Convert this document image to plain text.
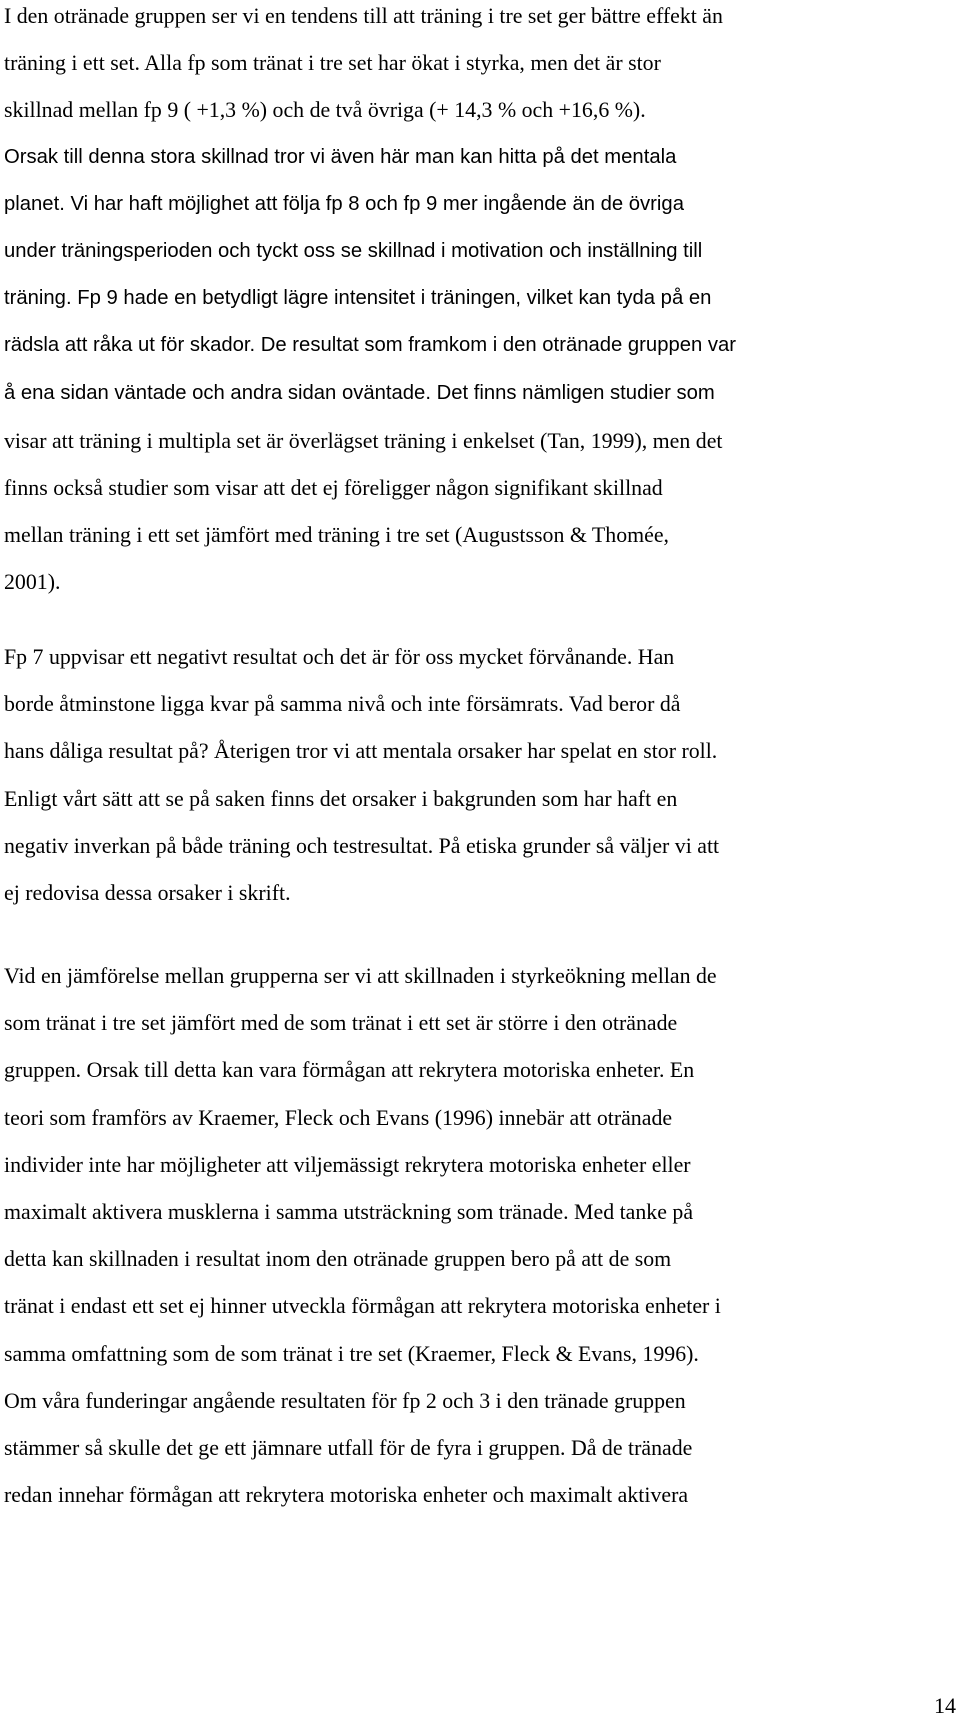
I den otränade gruppen ser vi en tendens till att träning i tre set ger bättre effekt än
träning i ett set. Alla fp som tränat i tre set har ökat i styrka, men det är stor
skillnad mellan fp 9 ( +1,3 %) och de två övriga (+ 14,3 % och +16,6 %).
Orsak till denna stora skillnad tror vi även här man kan hitta på det mentala
planet. Vi har haft möjlighet att följa fp 8 och fp 9 mer ingående än de övriga
under träningsperioden och tyckt oss se skillnad i motivation och inställning till
träning. Fp 9 hade en betydligt lägre intensitet i träningen, vilket kan tyda på en
rädsla att råka ut för skador. De resultat som framkom i den otränade gruppen var
å ena sidan väntade och andra sidan oväntade. Det finns nämligen studier som
visar att träning i multipla set är överlägset träning i enkelset (Tan, 1999), men det
finns också studier som visar att det ej föreligger någon signifikant skillnad
mellan träning i ett set jämfört med träning i tre set (Augustsson & Thomée,
2001).
Fp 7 uppvisar ett negativt resultat och det är för oss mycket förvånande. Han
borde åtminstone ligga kvar på samma nivå och inte försämrats. Vad beror då
hans dåliga resultat på? Återigen tror vi att mentala orsaker har spelat en stor roll.
Enligt vårt sätt att se på saken finns det orsaker i bakgrunden som har haft en
negativ inverkan på både träning och testresultat. På etiska grunder så väljer vi att
ej redovisa dessa orsaker i skrift.
Vid en jämförelse mellan grupperna ser vi att skillnaden i styrkeökning mellan de
som tränat i tre set jämfört med de som tränat i ett set är större i den otränade
gruppen. Orsak till detta kan vara förmågan att rekrytera motoriska enheter. En
teori som framförs av Kraemer, Fleck och Evans (1996) innebär att otränade
individer inte har möjligheter att viljemässigt rekrytera motoriska enheter eller
maximalt aktivera musklerna i samma utsträckning som tränade. Med tanke på
detta kan skillnaden i resultat inom den otränade gruppen bero på att de som
tränat i endast ett set ej hinner utveckla förmågan att rekrytera motoriska enheter i
samma omfattning som de som tränat i tre set (Kraemer, Fleck & Evans, 1996).
Om våra funderingar angående resultaten för fp 2 och 3 i den tränade gruppen
stämmer så skulle det ge ett jämnare utfall för de fyra i gruppen. Då de tränade
redan innehar förmågan att rekrytera motoriska enheter och maximalt aktivera
14
